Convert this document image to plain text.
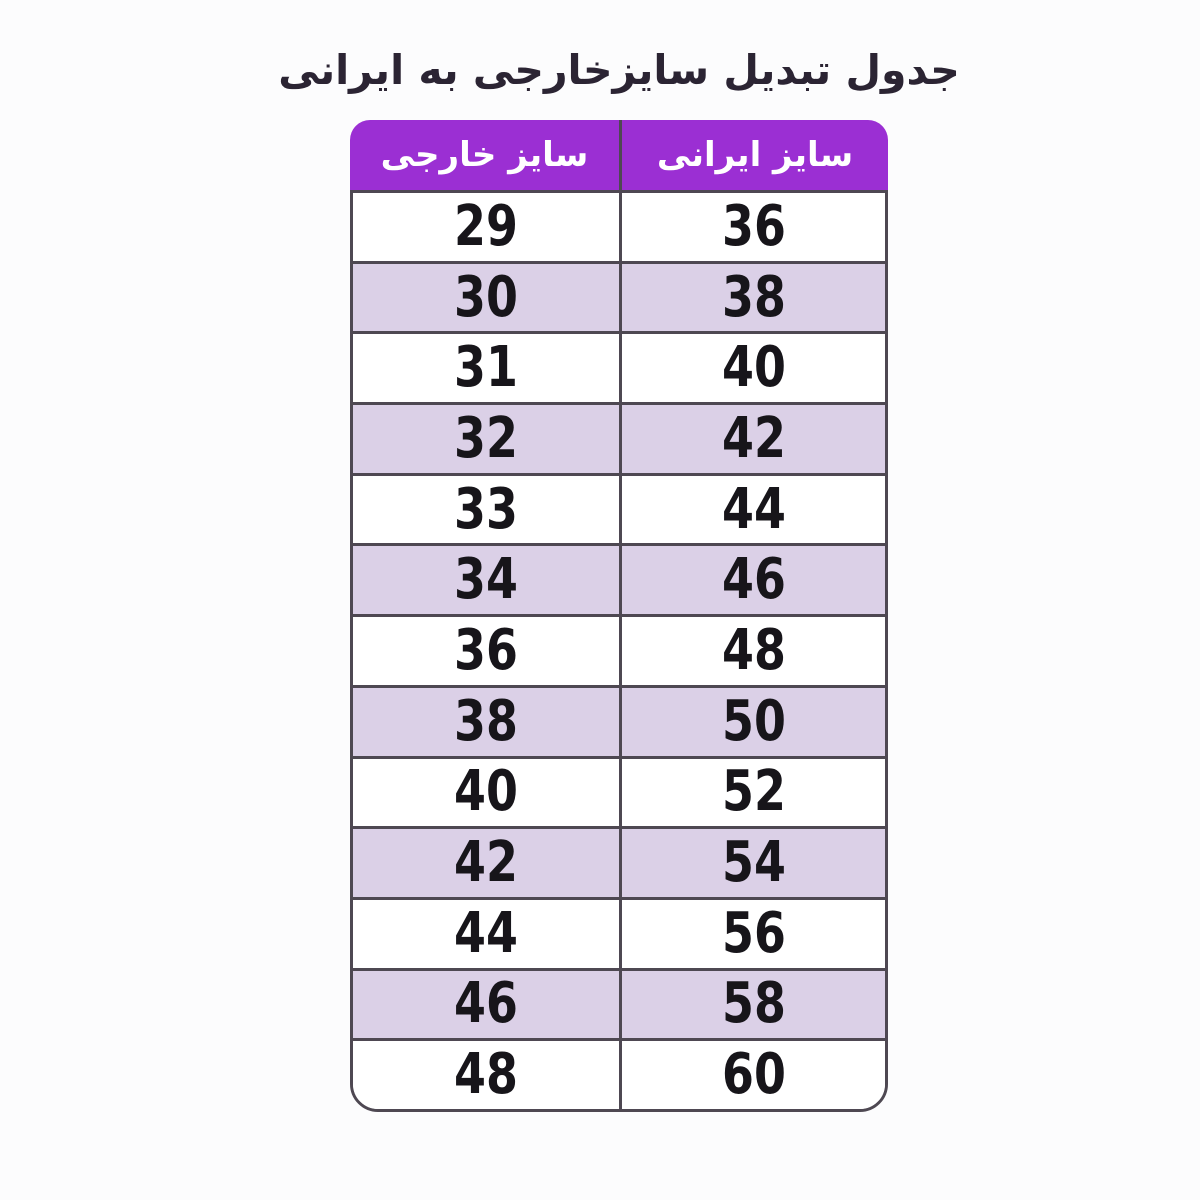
جدول تبدیل سایزخارجی به ایرانی
سایز ایرانی
سایز خارجی
36
29
38
30
40
31
42
32
44
33
46
34
48
36
50
38
52
40
54
42
56
44
58
46
60
48
